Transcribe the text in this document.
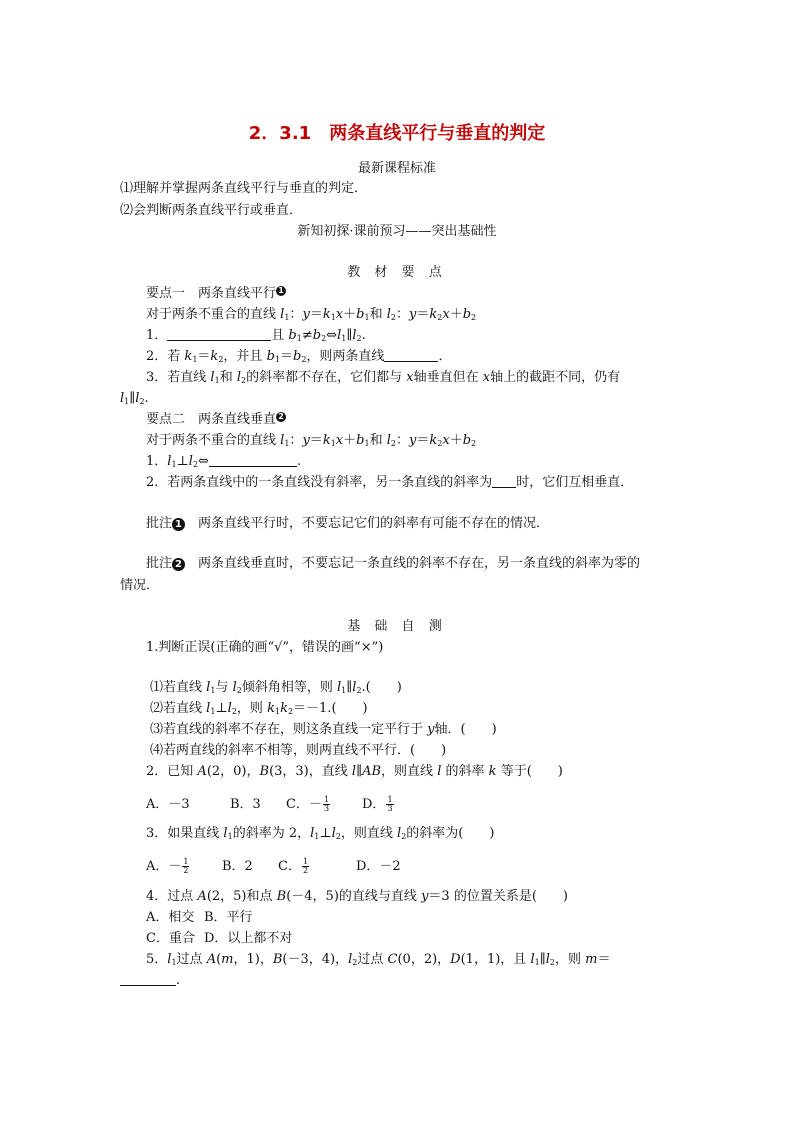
2．3.1　两条直线平行与垂直的判定
最新课程标准
⑴理解并掌握两条直线平行与垂直的判定．
⑵会判断两条直线平行或垂直．
新知初探·课前预习——突出基础性
教 材 要 点
要点一　两条直线平行 1
对于两条不重合的直线 $l_1$：$y=k_1x+b_1$和 $l_2$：$y=k_2x+b_2$
1．	且 $b_1\ne b_2\Leftrightarrow l_1\parallel l_2$.
2．若 $k_1=k_2$，并且 $b_1=b_2$，则两条直线	．
3．若直线 $l_1$和 $l_2$的斜率都不存在，它们都与 x轴垂直但在 x轴上的截距不同，仍有
$l_1\parallel l_2$.
要点二　两条直线垂直 2
对于两条不重合的直线 $l_1$：$y=k_1x+b_1$和 $l_2$：$y=k_2x+b_2$
1．$l_1\perp l_2\Leftrightarrow$	.
2．若两条直线中的一条直线没有斜率，另一条直线的斜率为 时，它们互相垂直．
批注 1　 两条直线平行时，不要忘记它们的斜率有可能不存在的情况．
批注 2　 两条直线垂直时，不要忘记一条直线的斜率不存在，另一条直线的斜率为零的
情况．
基 础 自 测
1.判断正误(正确的画“√”，错误的画“×”)
⑴若直线 $l_1$与 $l_2$倾斜角相等，则 $l_1\parallel l_2$.( )
⑵若直线 $l_1\perp l_2$，则 $k_1k_2=-1$.( )
⑶若直线的斜率不存在，则这条直线一定平行于 y轴．( )
⑷若两直线的斜率不相等，则两直线不平行．( )
2．已知 A(2，0)，B(3，3)，直线 l∥AB，则直线 l 的斜率 k 等于( )
A．－3	B．3 C．－ $\frac{1}{3}$ D． $\frac{1}{3}$
3．如果直线 $l_1$的斜率为 2，$l_1\perp l_2$，则直线 $l_2$的斜率为( )
A．－ $\frac{1}{2}$	B．2 C． $\frac{1}{2}$	D．－2
4．过点 A(2，5)和点 B(－4，5)的直线与直线 y＝3 的位置关系是( )
A．相交 B．平行
C．重合 D．以上都不对
5．$l_1$过点 A(m，1)，B(－3，4)，$l_2$过点 C(0，2)，D(1，1)，且 $l_1\parallel l_2$，则 m＝
.
